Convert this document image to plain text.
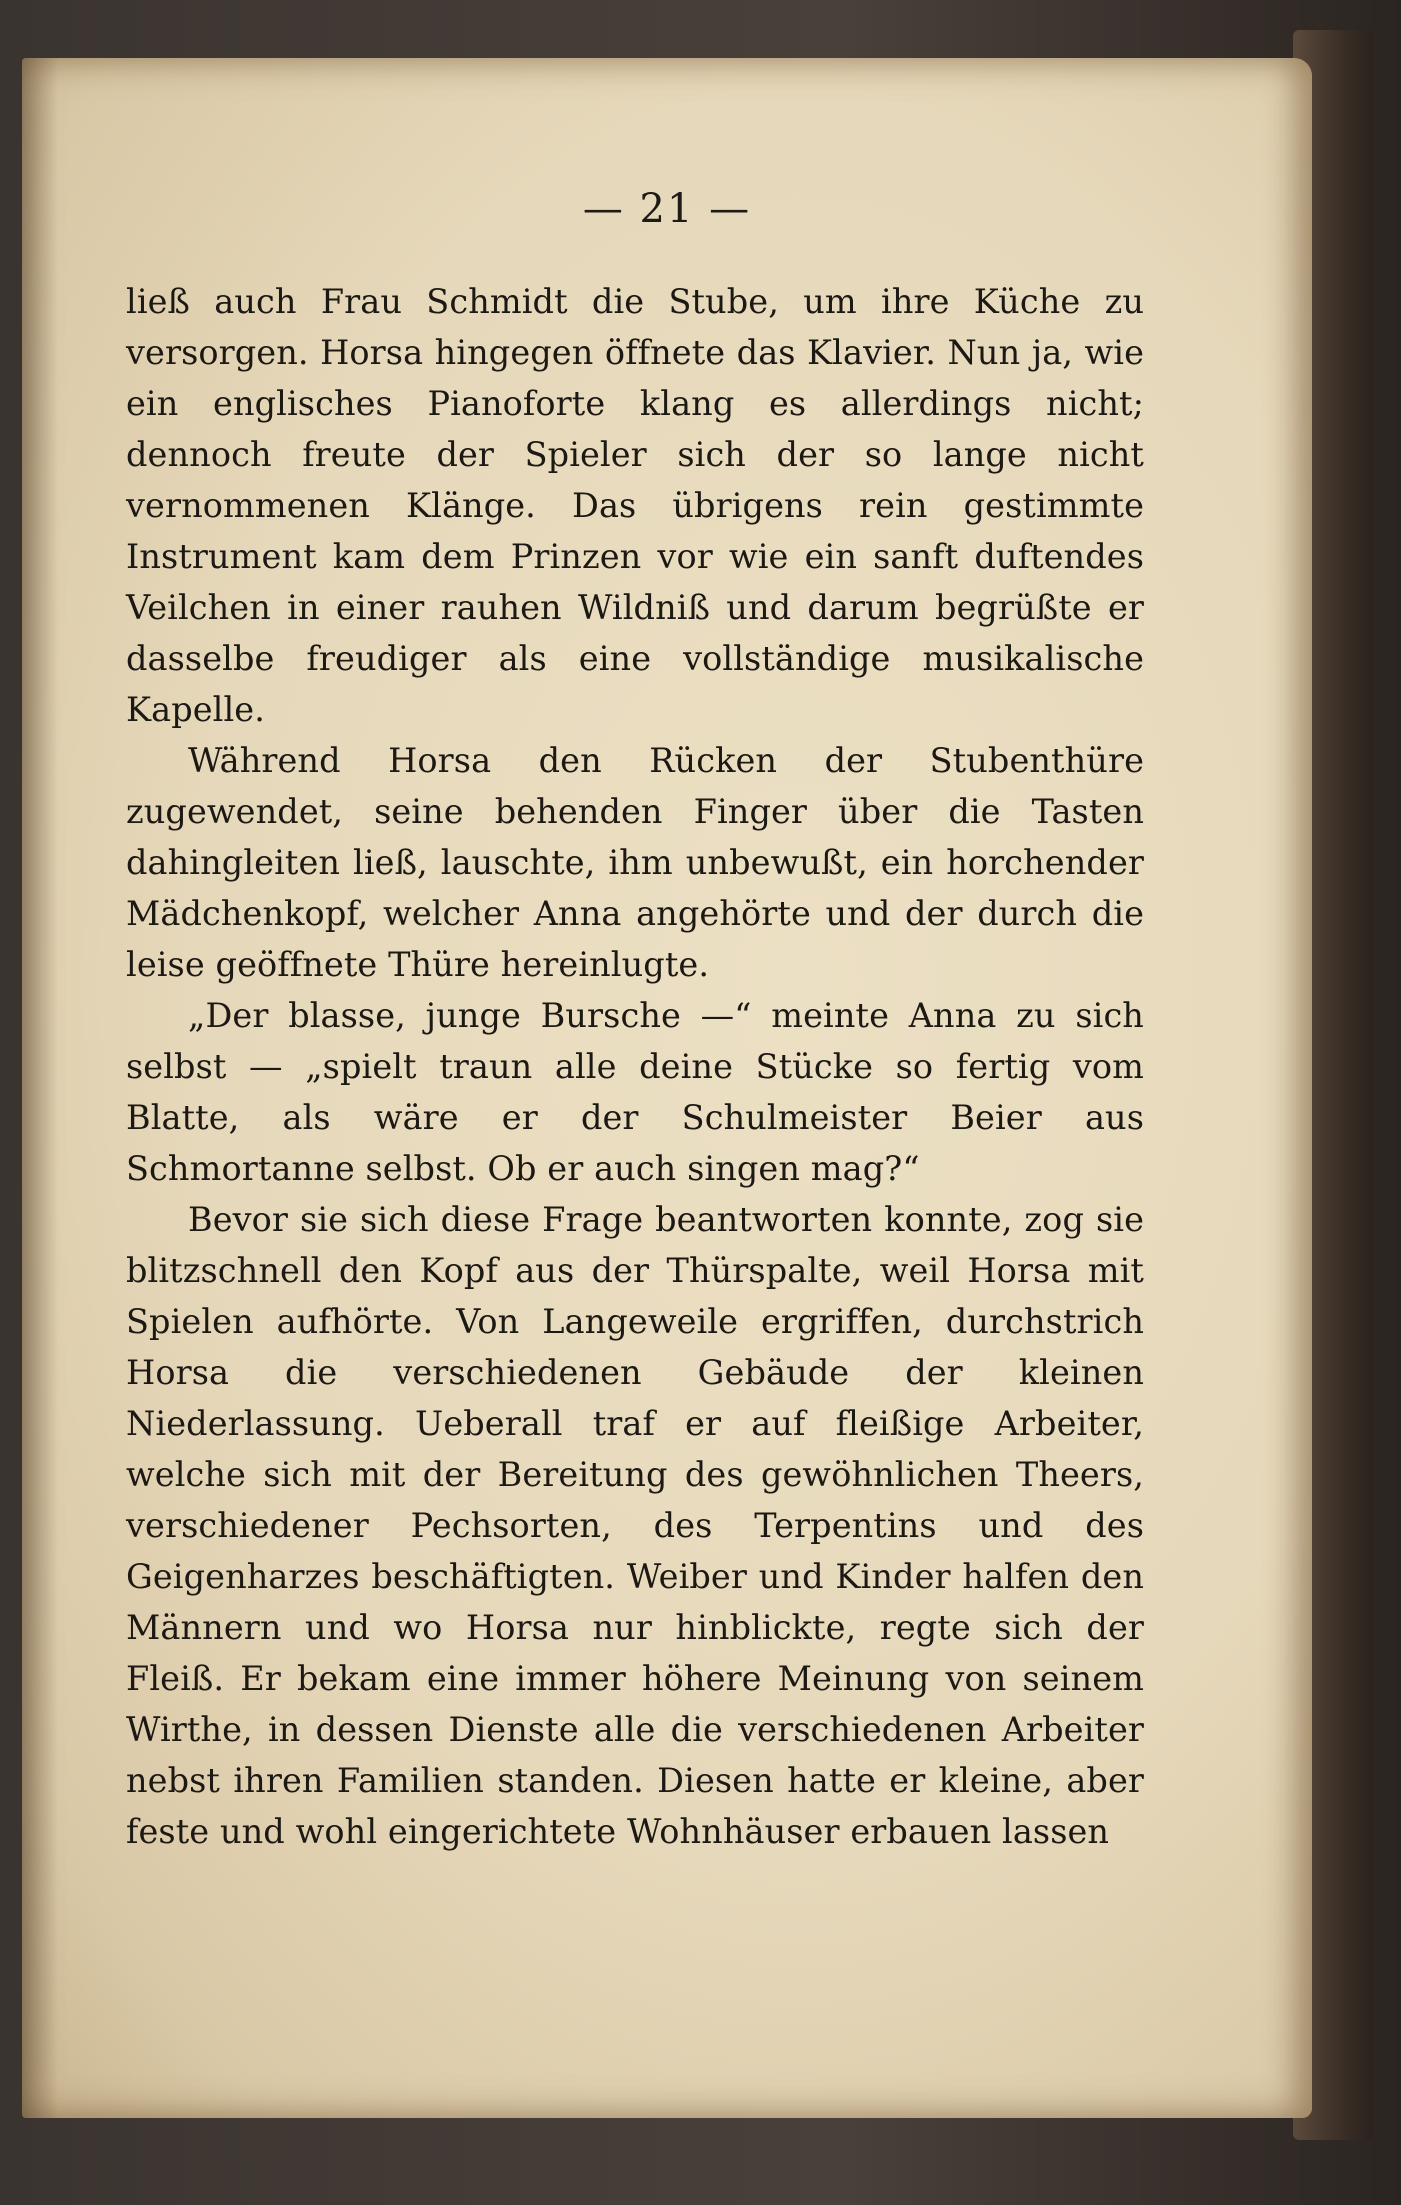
— 21 —

ließ auch Frau Schmidt die Stube, um ihre Küche zu versorgen. Horsa hingegen öffnete das Klavier. Nun ja, wie ein englisches Pianoforte klang es allerdings nicht; dennoch freute der Spieler sich der so lange nicht vernommenen Klänge. Das übrigens rein gestimmte Instrument kam dem Prinzen vor wie ein sanft duftendes Veilchen in einer rauhen Wildniß und darum begrüßte er dasselbe freudiger als eine vollständige musikalische Kapelle.

Während Horsa den Rücken der Stubenthüre zugewendet, seine behenden Finger über die Tasten dahingleiten ließ, lauschte, ihm unbewußt, ein horchender Mädchenkopf, welcher Anna angehörte und der durch die leise geöffnete Thüre hereinlugte.

„Der blasse, junge Bursche —“ meinte Anna zu sich selbst — „spielt traun alle deine Stücke so fertig vom Blatte, als wäre er der Schulmeister Beier aus Schmortanne selbst. Ob er auch singen mag?“

Bevor sie sich diese Frage beantworten konnte, zog sie blitzschnell den Kopf aus der Thürspalte, weil Horsa mit Spielen aufhörte. Von Langeweile ergriffen, durchstrich Horsa die verschiedenen Gebäude der kleinen Niederlassung. Ueberall traf er auf fleißige Arbeiter, welche sich mit der Bereitung des gewöhnlichen Theers, verschiedener Pechsorten, des Terpentins und des Geigenharzes beschäftigten. Weiber und Kinder halfen den Männern und wo Horsa nur hinblickte, regte sich der Fleiß. Er bekam eine immer höhere Meinung von seinem Wirthe, in dessen Dienste alle die verschiedenen Arbeiter nebst ihren Familien standen. Diesen hatte er kleine, aber feste und wohl eingerichtete Wohnhäuser erbauen lassen
